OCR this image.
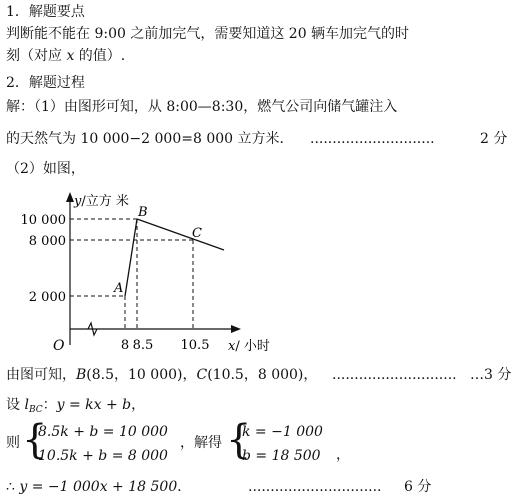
1．解题要点
判断能不能在 9:00 之前加完气，需要知道这 20 辆车加完气的时
刻（对应 x 的值）.
2．解题过程
解：（1）由图形可知，从 8:00—8:30，燃气公司向储气罐注入
的天然气为 10 000−2 000=8 000 立方米． ............................	2 分
（2）如图，
y/立方 米
x/ 小时
O
10 000
8 000
2 000
8 8.5 10.5
A
B
C
由图可知，B(8.5，10 000)，C(10.5，8 000)， ............................ …3 分
设 $l_{BC}$：y = kx + b，
则 {
8.5k + b = 10 000
10.5k + b = 8 000
，解得 {
k = −1 000
b = 18 500 ，
∴ y = −1 000x + 18 500．	.............................. 6 分
